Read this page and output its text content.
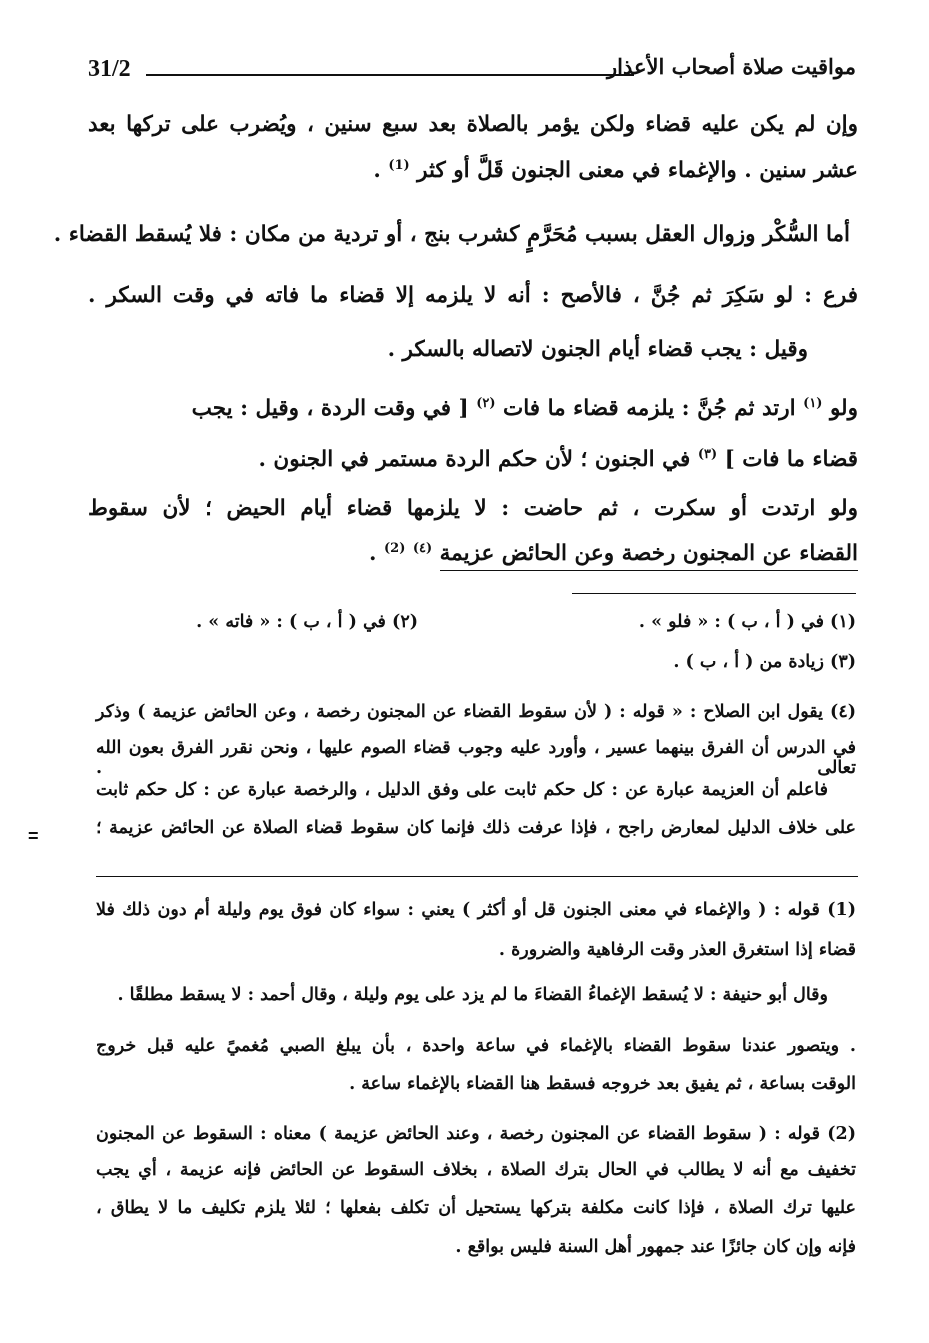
31/2	مواقيت صلاة أصحاب الأعذار
وإن لم يكن عليه قضاء ولكن يؤمر بالصلاة بعد سبع سنين ، ويُضرب على تركها بعد
عشر سنين . والإغماء في معنى الجنون قَلَّ أو كثر $^{(1)}$ .
أما السُّكْر وزوال العقل بسبب مُحَرَّمٍ كشرب بنج ، أو تردية من مكان : فلا يُسقط القضاء .
فرع : لو سَكِرَ ثم جُنَّ ، فالأصح : أنه لا يلزمه إلا قضاء ما فاته في وقت السكر .
وقيل : يجب قضاء أيام الجنون لاتصاله بالسكر .
ولو $^{(١)}$ ارتد ثم جُنَّ : يلزمه قضاء ما فات $^{(٢)}$ [ في وقت الردة ، وقيل : يجب
قضاء ما فات ] $^{(٣)}$ في الجنون ؛ لأن حكم الردة مستمر في الجنون .
ولو ارتدت أو سكرت ، ثم حاضت : لا يلزمها قضاء أيام الحيض ؛ لأن سقوط
القضاء عن المجنون رخصة وعن الحائض عزيمة $^{(٤)}$ $^{(2)}$ .
(١) في ( أ ، ب ) : « فلو » .
(٢) في ( أ ، ب ) : « فاته » .
(٣) زيادة من ( أ ، ب ) .
(٤) يقول ابن الصلاح : « قوله : ( لأن سقوط القضاء عن المجنون رخصة ، وعن الحائض عزيمة ) وذكر
في الدرس أن الفرق بينهما عسير ، وأورد عليه وجوب قضاء الصوم عليها ، ونحن نقرر الفرق بعون الله تعالى .
فاعلم أن العزيمة عبارة عن : كل حكم ثابت على وفق الدليل ، والرخصة عبارة عن : كل حكم ثابت
على خلاف الدليل لمعارض راجح ، فإذا عرفت ذلك فإنما كان سقوط قضاء الصلاة عن الحائض عزيمة ؛
=
(1) قوله : ( والإغماء في معنى الجنون قل أو أكثر ) يعني : سواء كان فوق يوم وليلة أم دون ذلك فلا
قضاء إذا استغرق العذر وقت الرفاهية والضرورة .
وقال أبو حنيفة : لا يُسقط الإغماءُ القضاءَ ما لم يزد على يوم وليلة ، وقال أحمد : لا يسقط مطلقًا .
. ويتصور عندنا سقوط القضاء بالإغماء في ساعة واحدة ، بأن يبلغ الصبي مُغميً عليه قبل خروج
الوقت بساعة ، ثم يفيق بعد خروجه فسقط هنا القضاء بالإغماء ساعة .
(2) قوله : ( سقوط القضاء عن المجنون رخصة ، وعند الحائض عزيمة ) معناه : السقوط عن المجنون
تخفيف مع أنه لا يطالب في الحال بترك الصلاة ، بخلاف السقوط عن الحائض فإنه عزيمة ، أي يجب
عليها ترك الصلاة ، فإذا كانت مكلفة بتركها يستحيل أن تكلف بفعلها ؛ لئلا يلزم تكليف ما لا يطاق ،
فإنه وإن كان جائزًا عند جمهور أهل السنة فليس بواقع .
